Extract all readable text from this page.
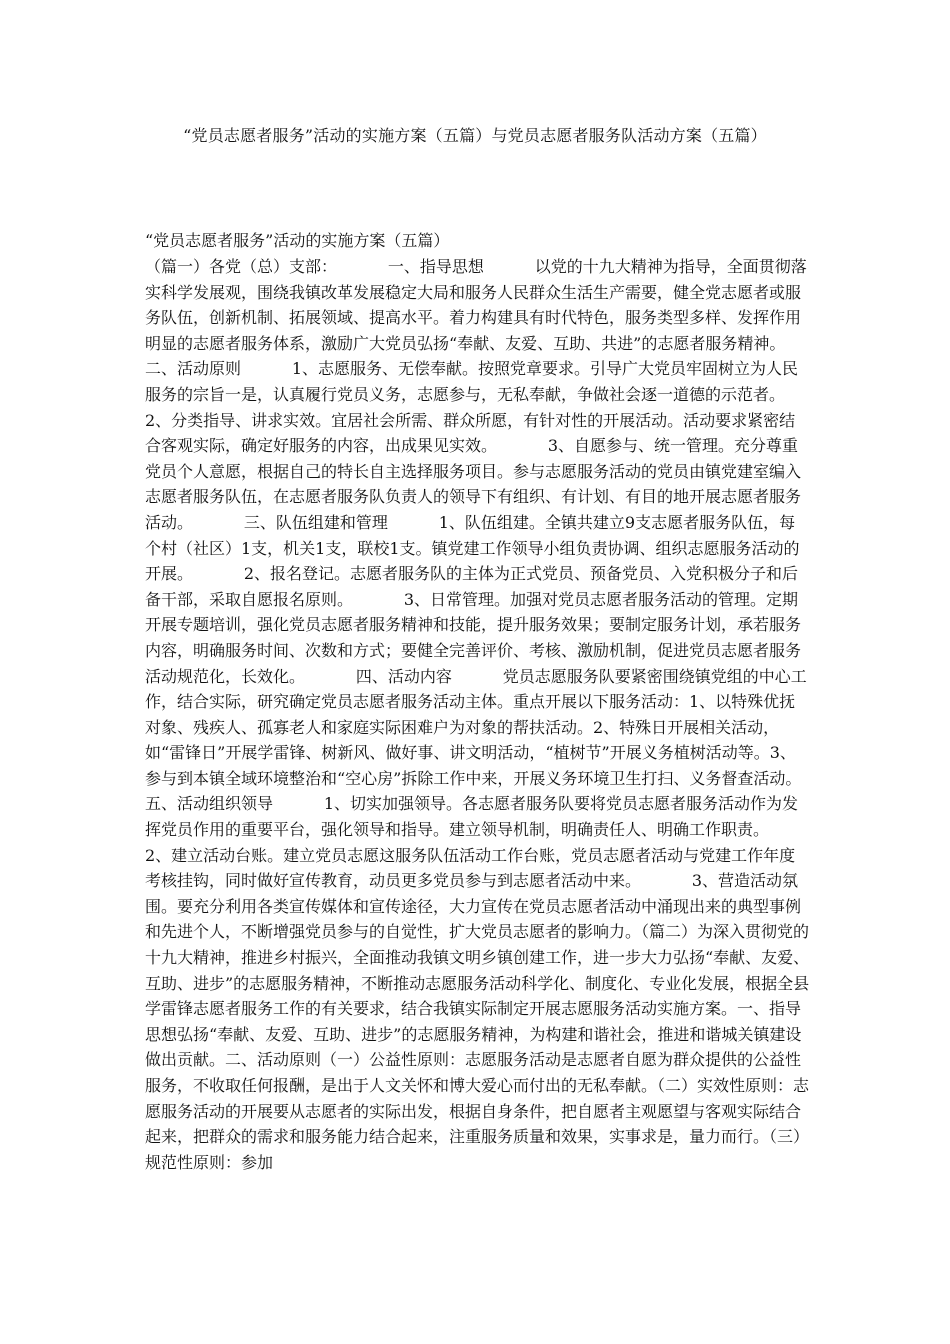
“党员志愿者服务”活动的实施方案（五篇）与党员志愿者服务队活动方案（五篇）
“党员志愿者服务”活动的实施方案（五篇）
（篇一）各党（总）支部：          一、指导思想          以党的十九大精神为指导，全面贯彻落实科学发展观，围绕我镇改革发展稳定大局和服务人民群众生活生产需要，健全党志愿者或服务队伍，创新机制、拓展领域、提高水平。着力构建具有时代特色，服务类型多样、发挥作用明显的志愿者服务体系，激励广大党员弘扬“奉献、友爱、互助、共进”的志愿者服务精神。          二、活动原则          1、志愿服务、无偿奉献。按照党章要求。引导广大党员牢固树立为人民服务的宗旨一是，认真履行党员义务，志愿参与，无私奉献，争做社会逐一道德的示范者。          2、分类指导、讲求实效。宜居社会所需、群众所愿，有针对性的开展活动。活动要求紧密结合客观实际，确定好服务的内容，出成果见实效。          3、自愿参与、统一管理。充分尊重党员个人意愿，根据自己的特长自主选择服务项目。参与志愿服务活动的党员由镇党建室编入志愿者服务队伍，在志愿者服务队负责人的领导下有组织、有计划、有目的地开展志愿者服务活动。          三、队伍组建和管理          1、队伍组建。全镇共建立9支志愿者服务队伍，每个村（社区）1支，机关1支，联校1支。镇党建工作领导小组负责协调、组织志愿服务活动的开展。          2、报名登记。志愿者服务队的主体为正式党员、预备党员、入党积极分子和后备干部，采取自愿报名原则。          3、日常管理。加强对党员志愿者服务活动的管理。定期开展专题培训，强化党员志愿者服务精神和技能，提升服务效果；要制定服务计划，承若服务内容，明确服务时间、次数和方式；要健全完善评价、考核、激励机制，促进党员志愿者服务活动规范化，长效化。          四、活动内容          党员志愿服务队要紧密围绕镇党组的中心工作，结合实际，研究确定党员志愿者服务活动主体。重点开展以下服务活动：1、以特殊优抚对象、残疾人、孤寡老人和家庭实际困难户为对象的帮扶活动。2、特殊日开展相关活动，如“雷锋日”开展学雷锋、树新风、做好事、讲文明活动，“植树节”开展义务植树活动等。3、参与到本镇全域环境整治和“空心房”拆除工作中来，开展义务环境卫生打扫、义务督查活动。          五、活动组织领导          1、切实加强领导。各志愿者服务队要将党员志愿者服务活动作为发挥党员作用的重要平台，强化领导和指导。建立领导机制，明确责任人、明确工作职责。          2、建立活动台账。建立党员志愿这服务队伍活动工作台账，党员志愿者活动与党建工作年度考核挂钩，同时做好宣传教育，动员更多党员参与到志愿者活动中来。          3、营造活动氛围。要充分利用各类宣传媒体和宣传途径，大力宣传在党员志愿者活动中涌现出来的典型事例和先进个人，不断增强党员参与的自觉性，扩大党员志愿者的影响力。（篇二）为深入贯彻党的十九大精神，推进乡村振兴，全面推动我镇文明乡镇创建工作，进一步大力弘扬“奉献、友爱、互助、进步”的志愿服务精神，不断推动志愿服务活动科学化、制度化、专业化发展，根据全县学雷锋志愿者服务工作的有关要求，结合我镇实际制定开展志愿服务活动实施方案。一、指导思想弘扬“奉献、友爱、互助、进步”的志愿服务精神，为构建和谐社会，推进和谐城关镇建设做出贡献。二、活动原则（一）公益性原则：志愿服务活动是志愿者自愿为群众提供的公益性服务，不收取任何报酬，是出于人文关怀和博大爱心而付出的无私奉献。（二）实效性原则：志愿服务活动的开展要从志愿者的实际出发，根据自身条件，把自愿者主观愿望与客观实际结合起来，把群众的需求和服务能力结合起来，注重服务质量和效果，实事求是，量力而行。（三）规范性原则：参加
